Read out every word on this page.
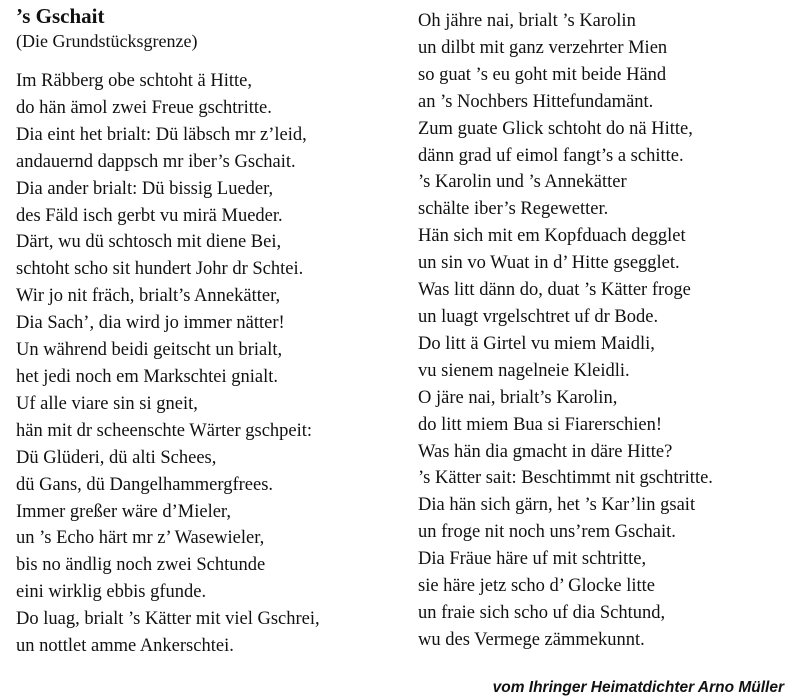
’s Gschait
(Die Grundstücksgrenze)
Im Räbberg obe schtoht ä Hitte,
do hän ämol zwei Freue gschtritte.
Dia eint het brialt: Dü läbsch mr z’leid,
andauernd dappsch mr iber’s Gschait.
Dia ander brialt: Dü bissig Lueder,
des Fäld isch gerbt vu mirä Mueder.
Därt, wu dü schtosch mit diene Bei,
schtoht scho sit hundert Johr dr Schtei.
Wir jo nit fräch, brialt’s Annekätter,
Dia Sach’, dia wird jo immer nätter!
Un während beidi geitscht un brialt,
het jedi noch em Markschtei gnialt.
Uf alle viare sin si gneit,
hän mit dr scheenschte Wärter gschpeit:
Dü Glüderi, dü alti Schees,
dü Gans, dü Dangelhammergfrees.
Immer greßer wäre d’Mieler,
un ’s Echo härt mr z’ Wasewieler,
bis no ändlig noch zwei Schtunde
eini wirklig ebbis gfunde.
Do luag, brialt ’s Kätter mit viel Gschrei,
un nottlet amme Ankerschtei.
Oh jähre nai, brialt ’s Karolin
un dilbt mit ganz verzehrter Mien
so guat ’s eu goht mit beide Händ
an ’s Nochbers Hittefundamänt.
Zum guate Glick schtoht do nä Hitte,
dänn grad uf eimol fangt’s a schitte.
’s Karolin und ’s Annekätter
schälte iber’s Regewetter.
Hän sich mit em Kopfduach degglet
un sin vo Wuat in d’ Hitte gsegglet.
Was litt dänn do, duat ’s Kätter froge
un luagt vrgelschtret uf dr Bode.
Do litt ä Girtel vu miem Maidli,
vu sienem nagelneie Kleidli.
O järe nai, brialt’s Karolin,
do litt miem Bua si Fiarerschien!
Was hän dia gmacht in däre Hitte?
’s Kätter sait: Beschtimmt nit gschtritte.
Dia hän sich gärn, het ’s Kar’lin gsait
un froge nit noch uns’rem Gschait.
Dia Fräue häre uf mit schtritte,
sie häre jetz scho d’ Glocke litte
un fraie sich scho uf dia Schtund,
wu des Vermege zämmekunnt.
vom Ihringer Heimatdichter Arno Müller
